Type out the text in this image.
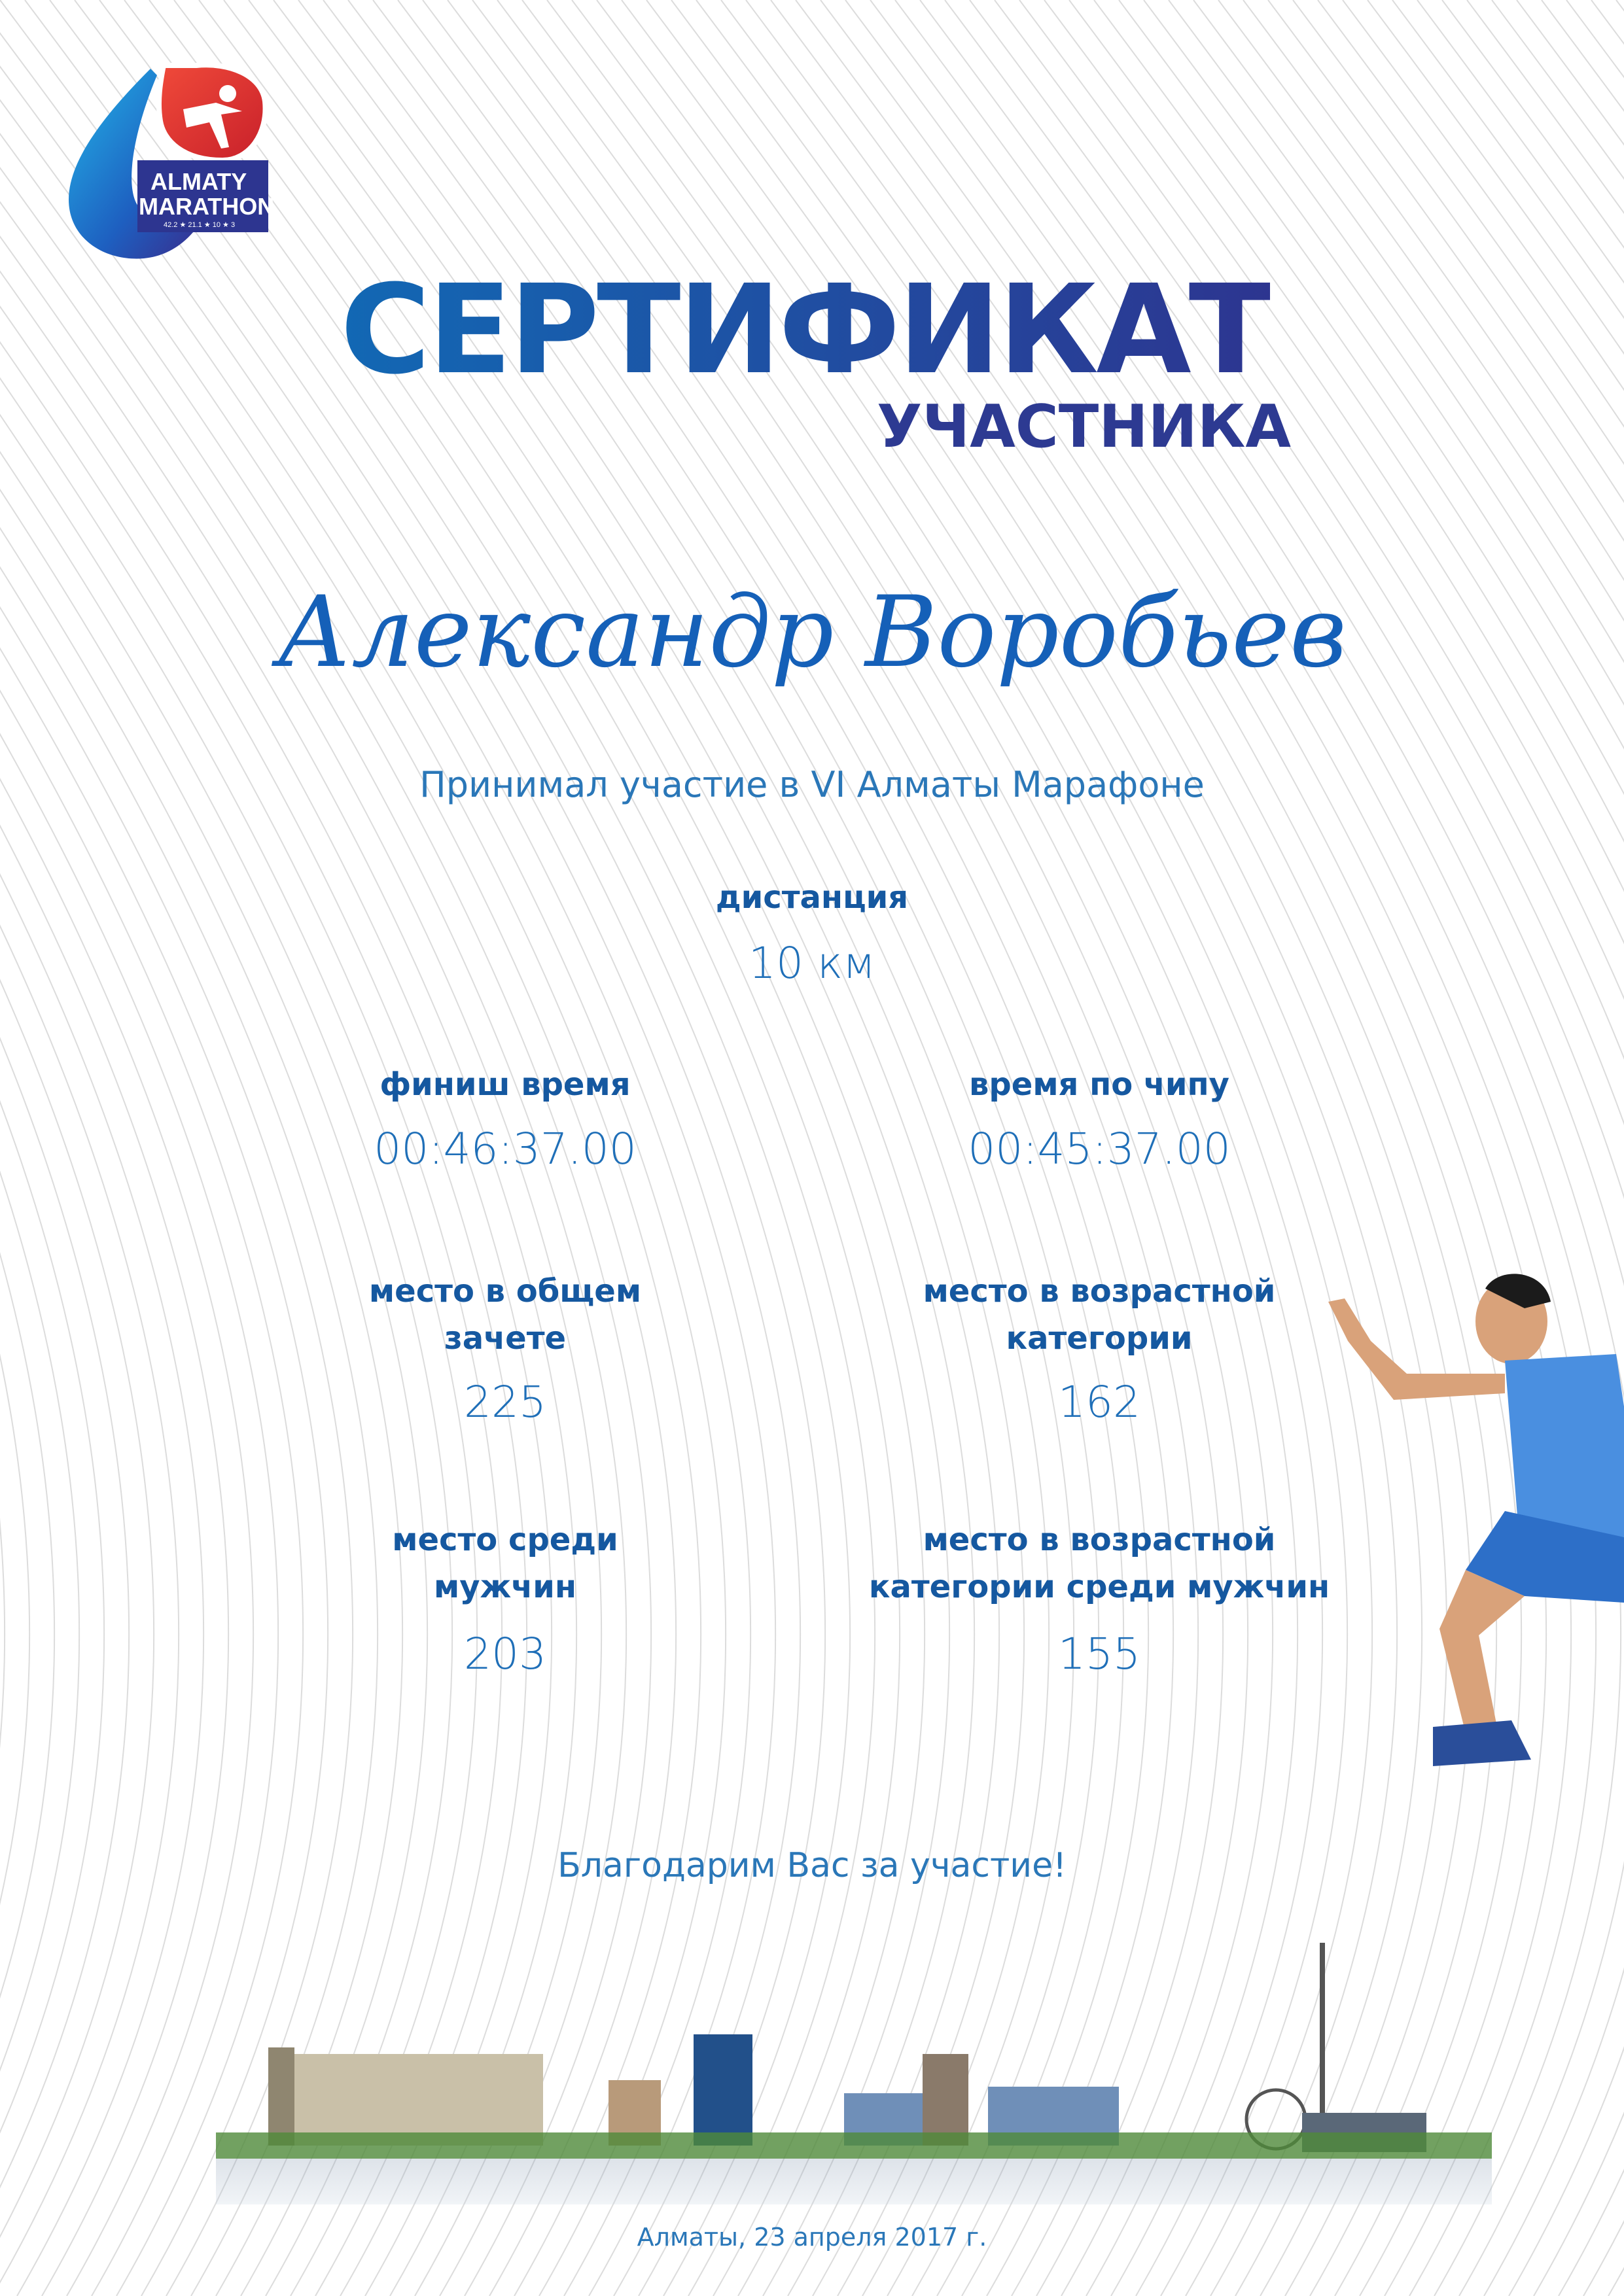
ALMATY
MARATHON
42.2 ★ 21.1 ★ 10 ★ 3
СЕРТИФИКАТ
УЧАСТНИКА
Александр Воробьев
Принимал участие в VI Алматы Марафоне
дистанция
10 км
финиш время
00:46:37.00
время по чипу
00:45:37.00
место в общем
зачете
225
место в возрастной
категории
162
место среди
мужчин
203
место в возрастной
категории среди мужчин
155
Благодарим Вас за участие!
Алматы, 23 апреля 2017 г.
